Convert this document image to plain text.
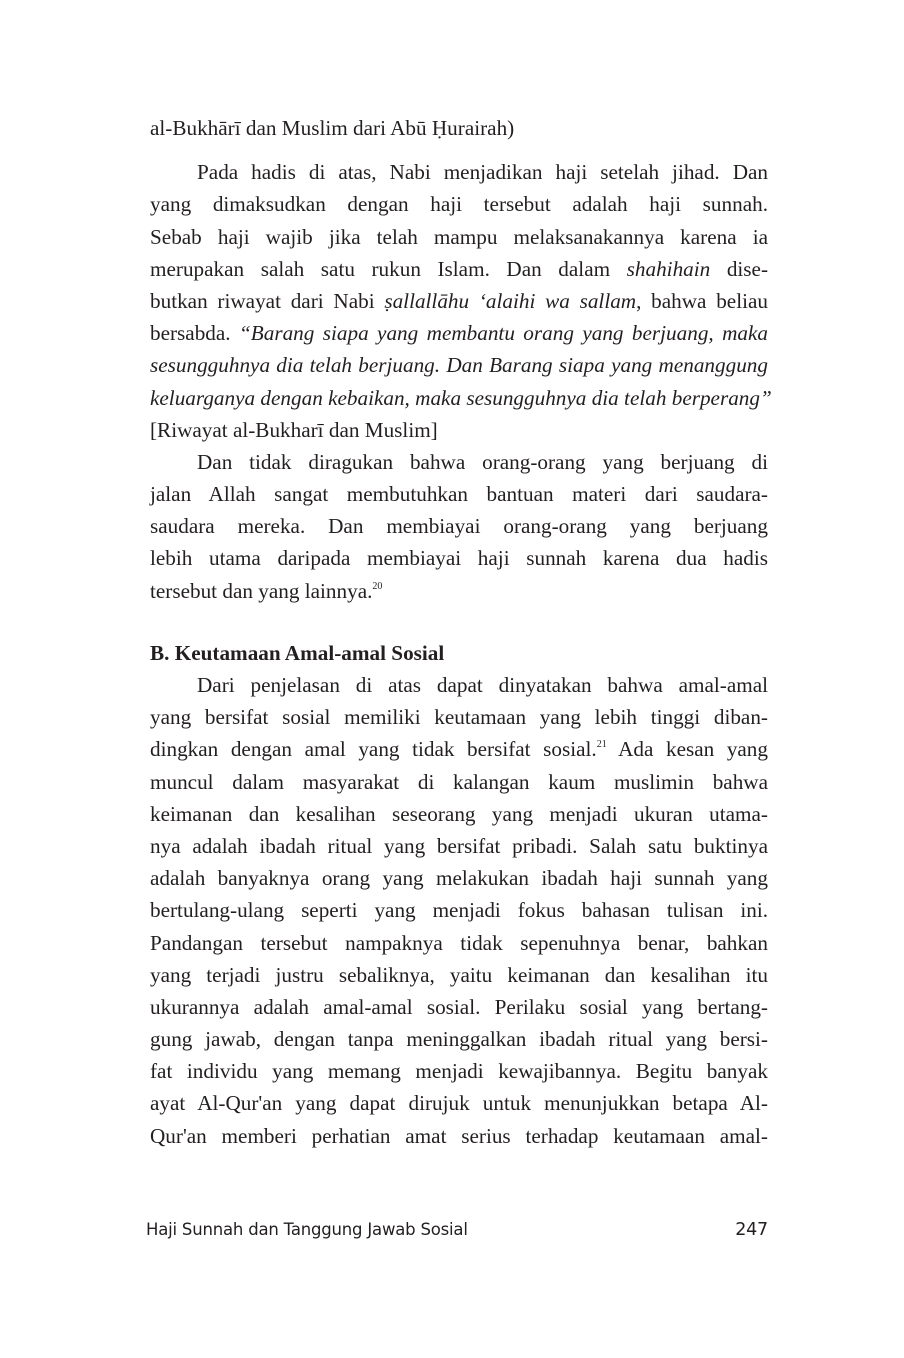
al-Bukhārī dan Muslim dari Abū Ḥurairah)
Pada hadis di atas, Nabi menjadikan haji setelah jihad. Dan
yang dimaksudkan dengan haji tersebut adalah haji sunnah.
Sebab haji wajib jika telah mampu melaksanakannya karena ia
merupakan salah satu rukun Islam. Dan dalam shahihain dise-
butkan riwayat dari Nabi ṣallallāhu ‘alaihi wa sallam, bahwa beliau
bersabda. “Barang siapa yang membantu orang yang berjuang, maka
sesungguhnya dia telah berjuang. Dan Barang siapa yang menanggung
keluarganya dengan kebaikan, maka sesungguhnya dia telah berperang”
[Riwayat al-Bukharī dan Muslim]
Dan tidak diragukan bahwa orang-orang yang berjuang di
jalan Allah sangat membutuhkan bantuan materi dari saudara-
saudara mereka. Dan membiayai orang-orang yang berjuang
lebih utama daripada membiayai haji sunnah karena dua hadis
tersebut dan yang lainnya.$^{20}$
B. Keutamaan Amal-amal Sosial
Dari penjelasan di atas dapat dinyatakan bahwa amal-amal
yang bersifat sosial memiliki keutamaan yang lebih tinggi diban-
dingkan dengan amal yang tidak bersifat sosial.$^{21}$ Ada kesan yang
muncul dalam masyarakat di kalangan kaum muslimin bahwa
keimanan dan kesalihan seseorang yang menjadi ukuran utama-
nya adalah ibadah ritual yang bersifat pribadi. Salah satu buktinya
adalah banyaknya orang yang melakukan ibadah haji sunnah yang
bertulang-ulang seperti yang menjadi fokus bahasan tulisan ini.
Pandangan tersebut nampaknya tidak sepenuhnya benar, bahkan
yang terjadi justru sebaliknya, yaitu keimanan dan kesalihan itu
ukurannya adalah amal-amal sosial. Perilaku sosial yang bertang-
gung jawab, dengan tanpa meninggalkan ibadah ritual yang bersi-
fat individu yang memang menjadi kewajibannya. Begitu banyak
ayat Al-Qur'an yang dapat dirujuk untuk menunjukkan betapa Al-
Qur'an memberi perhatian amat serius terhadap keutamaan amal-
Haji Sunnah dan Tanggung Jawab Sosial	247
